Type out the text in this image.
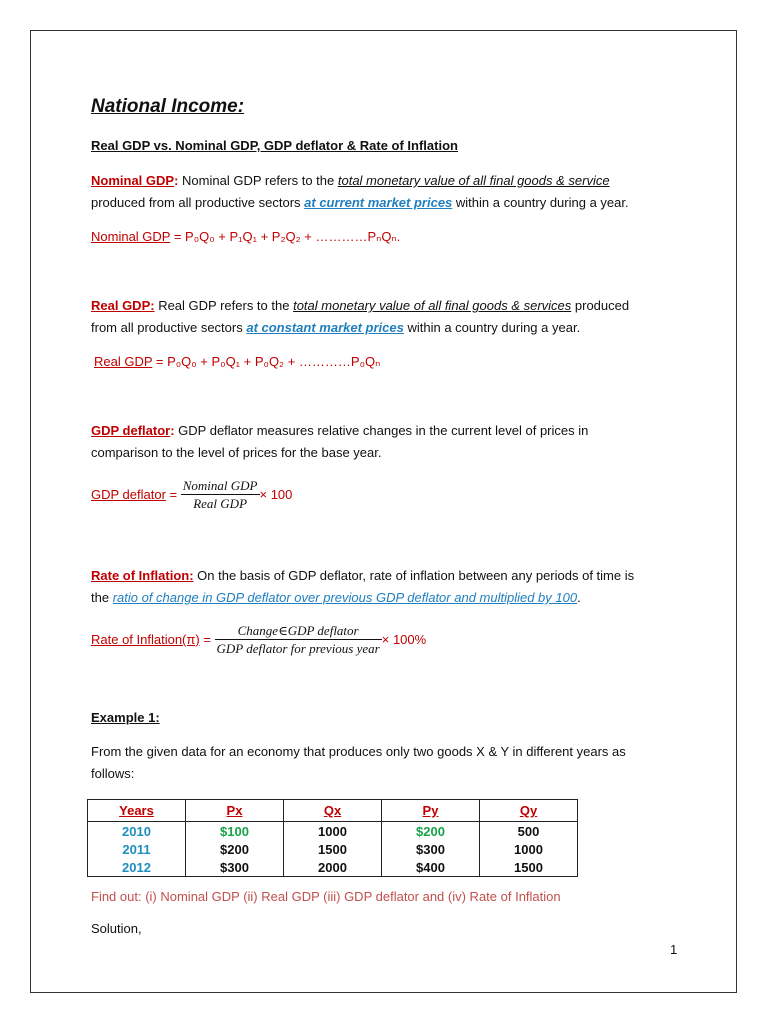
National Income:
Real GDP vs. Nominal GDP, GDP deflator & Rate of Inflation
Nominal GDP: Nominal GDP refers to the total monetary value of all final goods & service
produced from all productive sectors at current market prices within a country during a year.
Nominal GDP = P₀Q₀ + P₁Q₁ + P₂Q₂ + …………PₙQₙ.
Real GDP: Real GDP refers to the total monetary value of all final goods & services produced
from all productive sectors at constant market prices within a country during a year.
Real GDP = P₀Q₀ + P₀Q₁ + P₀Q₂ + …………P₀Qₙ
GDP deflator: GDP deflator measures relative changes in the current level of prices in
comparison to the level of prices for the base year.
GDP deflator = $\frac{\text{Nominal GDP}}{\text{Real GDP}} \times 100$
Rate of Inflation: On the basis of GDP deflator, rate of inflation between any periods of time is
the ratio of change in GDP deflator over previous GDP deflator and multiplied by 100.
Rate of Inflation(π) = $\frac{\text{Change∈GDP deflator}}{\text{GDP deflator for previous year}} \times 100\%$
Example 1:
From the given data for an economy that produces only two goods X & Y in different years as
follows:
Years	Px	Qx	Py	Qy
2010	$100	1000	$200	500
2011	$200	1500	$300	1000
2012	$300	2000	$400	1500
Find out: (i) Nominal GDP (ii) Real GDP (iii) GDP deflator and (iv) Rate of Inflation
Solution,
1
